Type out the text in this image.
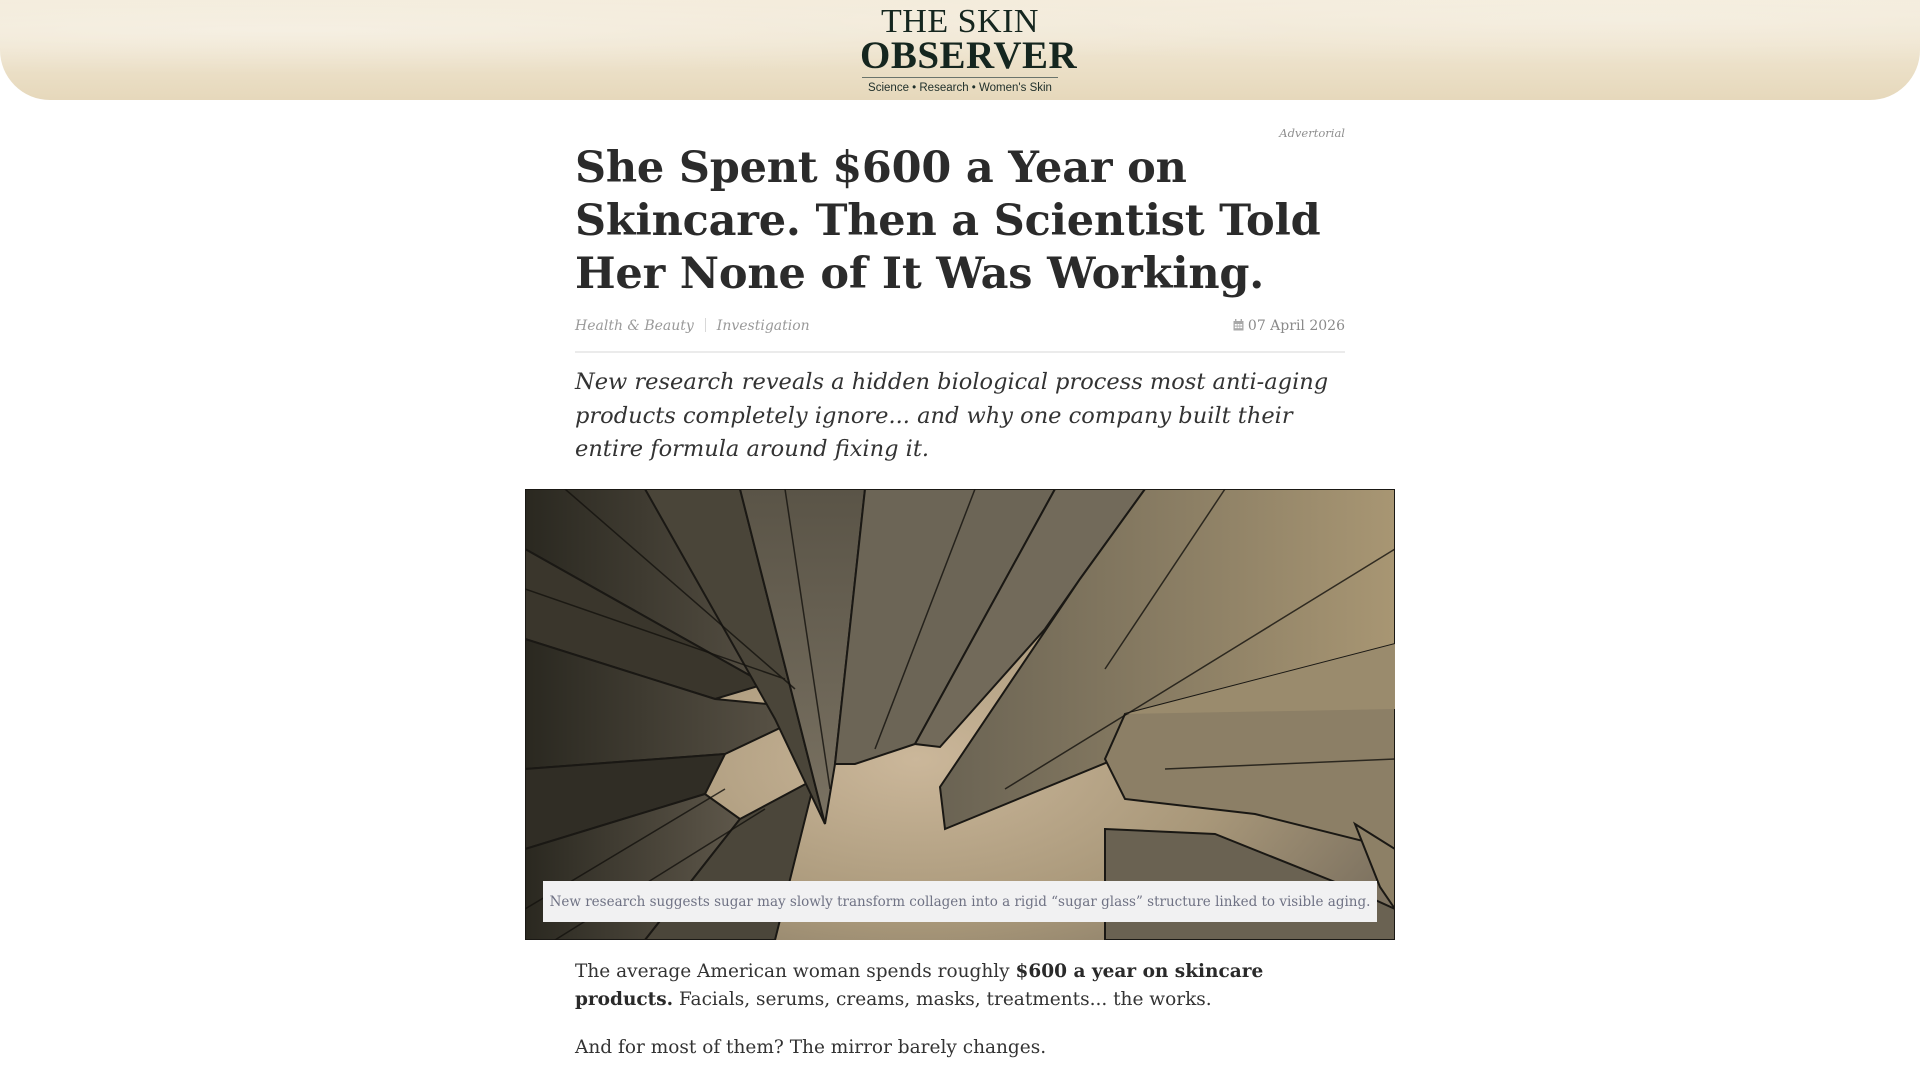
THE SKIN
OBSERVER
Science • Research • Women's Skin
Advertorial
She Spent $600 a Year on Skincare. Then a Scientist Told Her None of It Was Working.
Health & Beauty Investigation	07 April 2026

New research reveals a hidden biological process most anti-aging products completely ignore... and why one company built their entire formula around fixing it.

New research suggests sugar may slowly transform collagen into a rigid “sugar glass” structure linked to visible aging.

The average American woman spends roughly $600 a year on skincare products. Facials, serums, creams, masks, treatments... the works.

And for most of them? The mirror barely changes.
